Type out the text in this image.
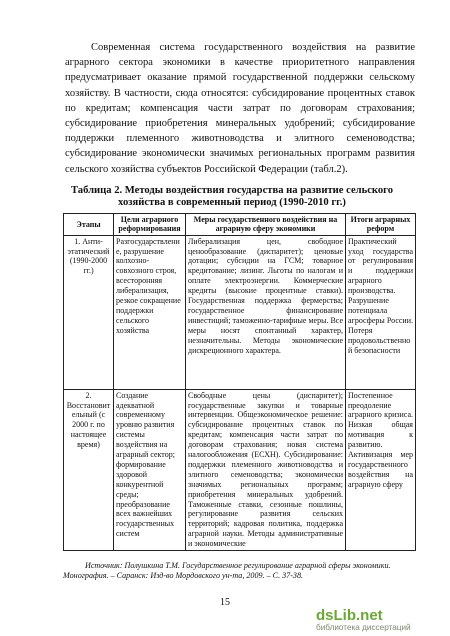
Современная система государственного воздействия на развитие аграрного сектора экономики в качестве приоритетного направления предусматривает оказание прямой государственной поддержки сельскому хозяйству. В частности, сюда относятся: субсидирование процентных ставок по кредитам; компенсация части затрат по договорам страхования; субсидирование приобретения минеральных удобрений; субсидирование поддержки племенного животноводства и элитного семеноводства; субсидирование экономически значимых региональных программ развития сельского хозяйства субъектов Российской Федерации (табл.2).

Таблица 2. Методы воздействия государства на развитие сельского хозяйства в современный период (1990-2010 гг.)

Этапы	Цели аграрного реформирования	Меры государственного воздействия на аграрную сферу экономики	Итоги аграрных реформ
1. Анти-этатический (1990-2000 гг.)	Разгосударствление, разрушение колхозно-совхозного строя, всесторонняя либерализация, резкое сокращение поддержки сельского хозяйства	Либерализация цен, свободное ценообразование (диспаритет); ценовые дотации; субсидии на ГСМ; товарное кредитование; лизинг. Льготы по налогам и оплате электроэнергии. Коммерческие кредиты (высокие процентные ставки). Государственная поддержка фермерства; государственное финансирование инвестиций; таможенно-тарифные меры. Все меры носят спонтанный характер, незначительны. Методы экономические дискреционного характера.	Практический уход государства от регулирования и поддержки аграрного производства. Разрушение потенциала агросферы России. Потеря продовольственной безопасности
2. Восстановительный (с 2000 г. по настоящее время)	Создание адекватной современному уровню развития системы воздействия на аграрный сектор; формирование здоровой конкурентной среды; преобразование всех важнейших государственных систем	Свободные цены (диспаритет); государственные закупки и товарные интервенции. Общеэкономическое решение: субсидирование процентных ставок по кредитам; компенсация части затрат по договорам страхования; новая система налогообложения (ЕСХН). Субсидирование: поддержки племенного животноводства и элитного семеноводства; экономически значимых региональных программ; приобретения минеральных удобрений. Таможенные ставки, сезонные пошлины, регулирование развития сельских территорий; кадровая политика, поддержка аграрной науки. Методы административные и экономические	Постепенное преодоление аграрного кризиса. Низкая общая мотивация к развитию. Активизация мер государственного воздействия на аграрную сферу

Источник: Полушкина Т.М. Государственное регулирование аграрной сферы экономики. Монография. – Саранск: Изд-во Мордовского ун-та, 2009. – С. 37-38.

15
dsLib.net
библиотека диссертаций
